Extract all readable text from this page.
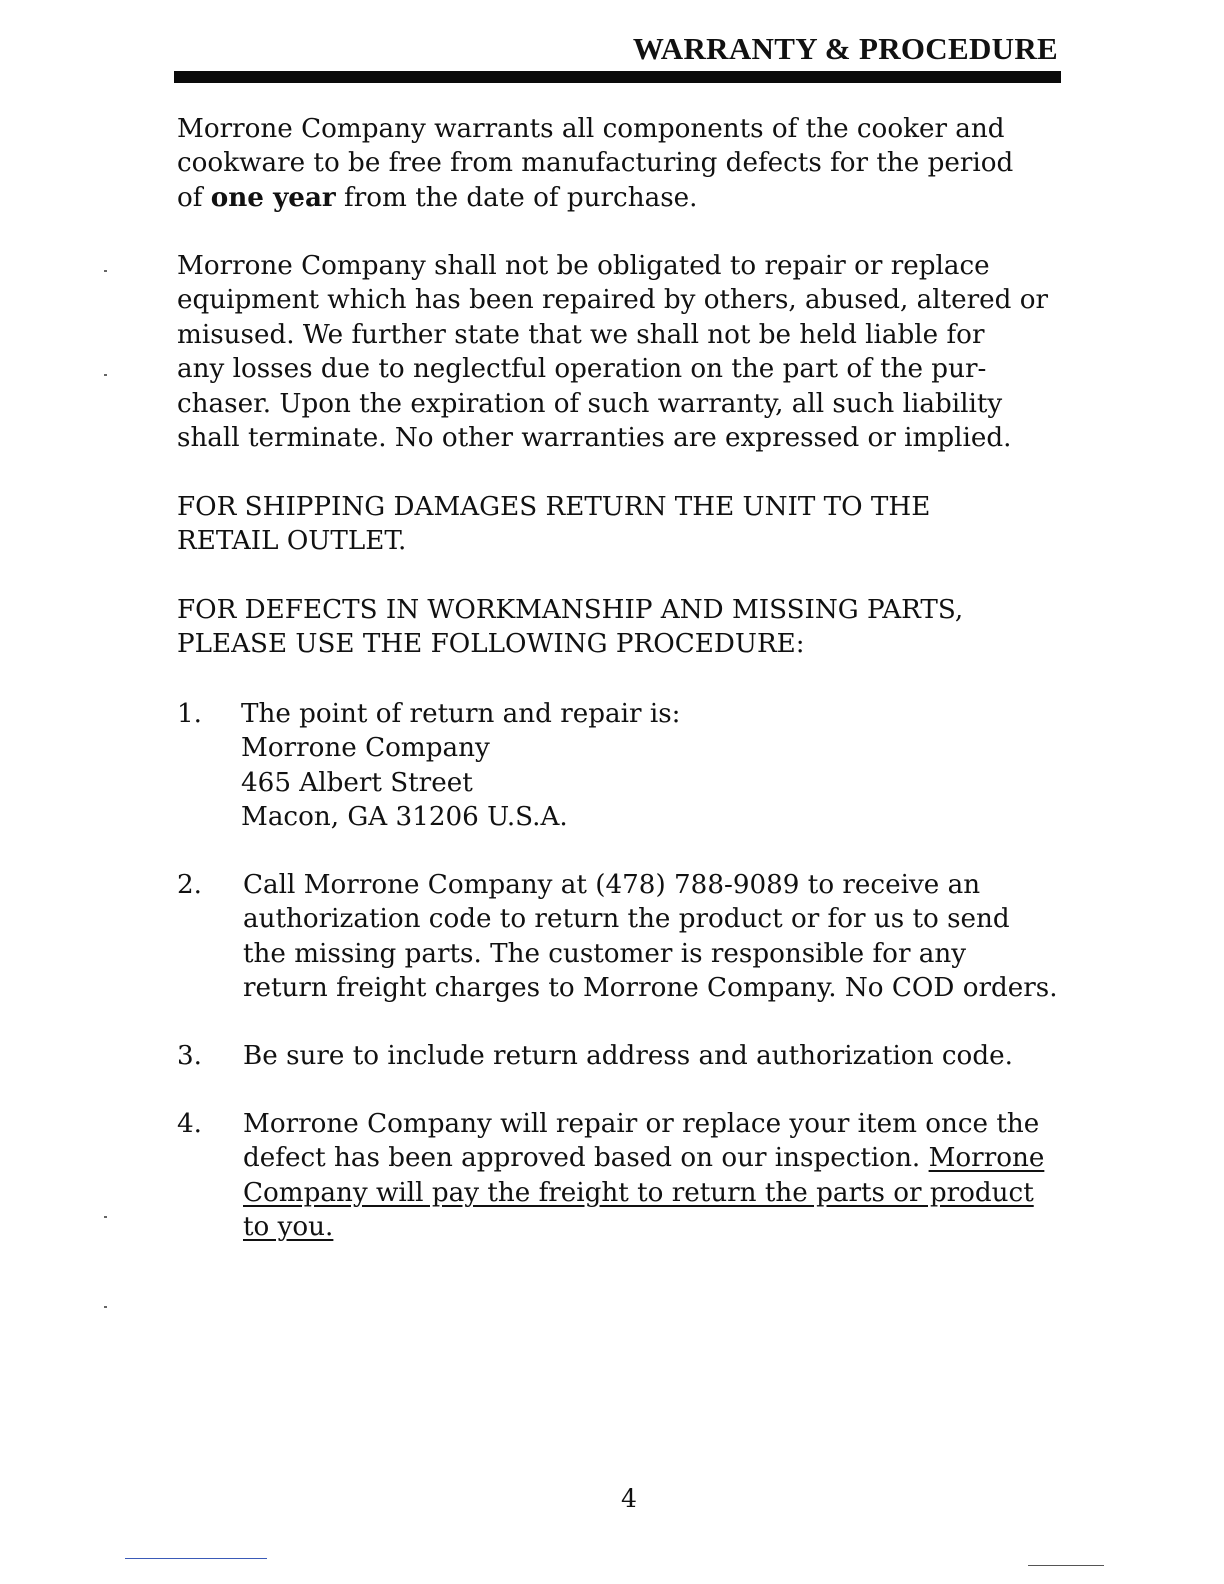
WARRANTY & PROCEDURE

Morrone Company warrants all components of the cooker and
cookware to be free from manufacturing defects for the period
of one year from the date of purchase.

Morrone Company shall not be obligated to repair or replace
equipment which has been repaired by others, abused, altered or
misused. We further state that we shall not be held liable for
any losses due to neglectful operation on the part of the pur-
chaser. Upon the expiration of such warranty, all such liability
shall terminate. No other warranties are expressed or implied.

FOR SHIPPING DAMAGES RETURN THE UNIT TO THE
RETAIL OUTLET.

FOR DEFECTS IN WORKMANSHIP AND MISSING PARTS,
PLEASE USE THE FOLLOWING PROCEDURE:

1. The point of return and repair is:
Morrone Company
465 Albert Street
Macon, GA 31206 U.S.A.

2. Call Morrone Company at (478) 788-9089 to receive an
authorization code to return the product or for us to send
the missing parts. The customer is responsible for any
return freight charges to Morrone Company. No COD orders.

3. Be sure to include return address and authorization code.

4. Morrone Company will repair or replace your item once the
defect has been approved based on our inspection. Morrone
Company will pay the freight to return the parts or product
to you.

4
